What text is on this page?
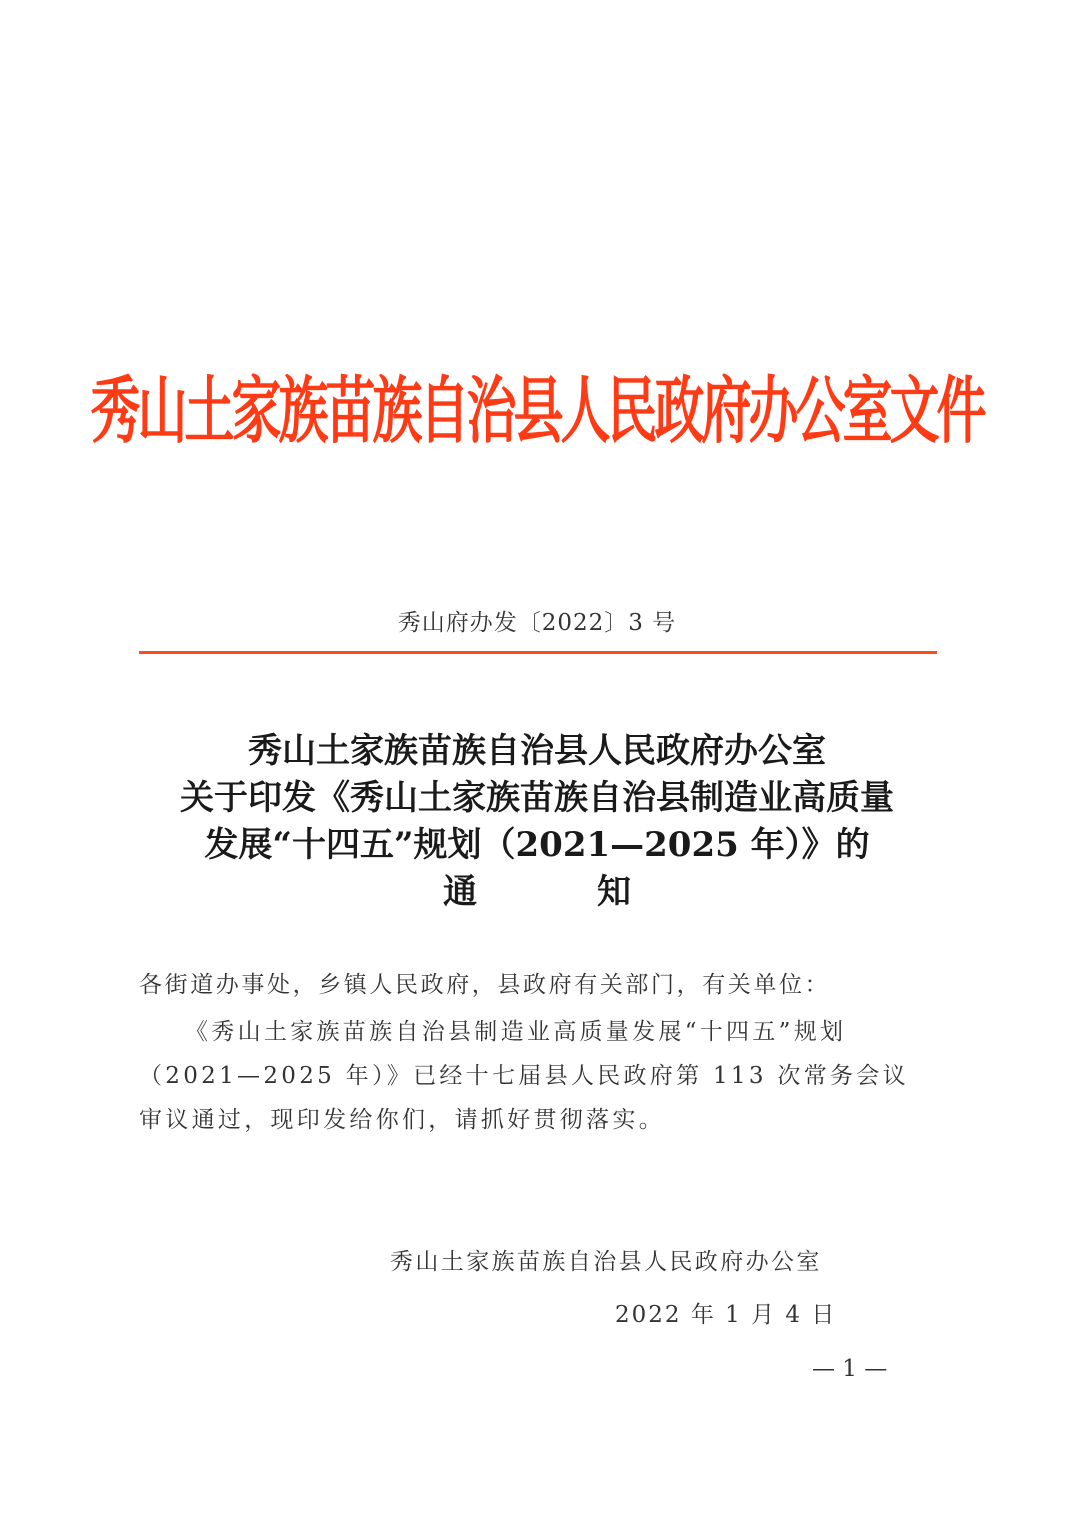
秀山土家族苗族自治县人民政府办公室文件
秀山府办发〔2022〕3 号
秀山土家族苗族自治县人民政府办公室
关于印发《秀山土家族苗族自治县制造业高质量
发展“十四五”规划（2021—2025 年）》的
通知
各街道办事处，乡镇人民政府，县政府有关部门，有关单位：
《秀山土家族苗族自治县制造业高质量发展“十四五”规划
（2021—2025 年）》已经十七届县人民政府第 113 次常务会议
审议通过，现印发给你们，请抓好贯彻落实。
秀山土家族苗族自治县人民政府办公室
2022 年 1 月 4 日
— 1 —
